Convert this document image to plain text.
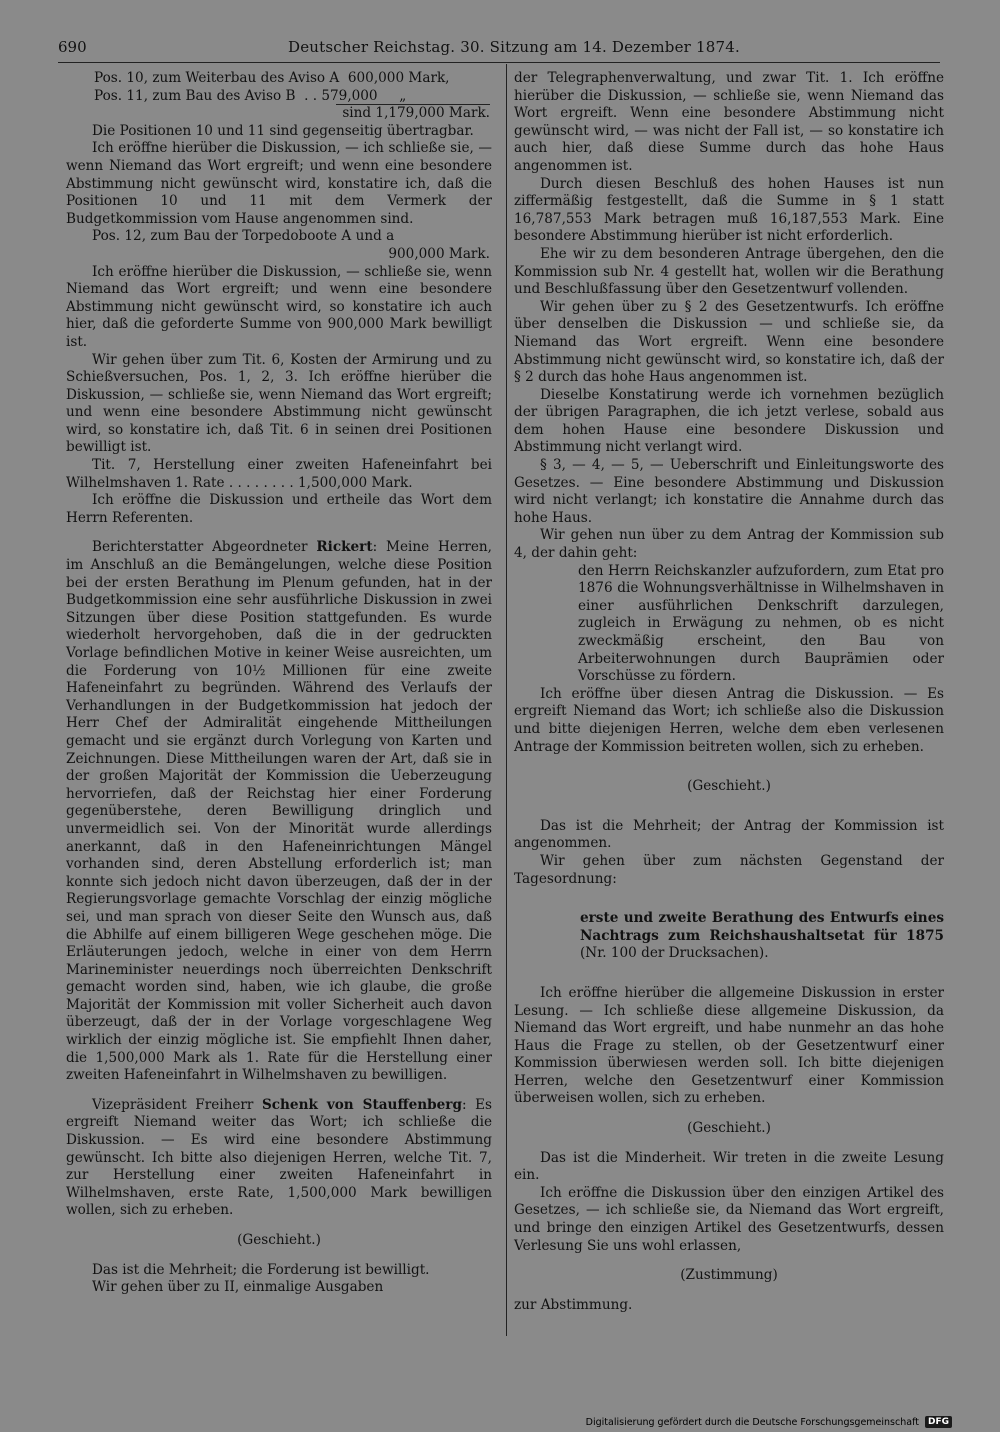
690	Deutscher Reichstag. 30. Sitzung am 14. Dezember 1874.

Pos. 10, zum Weiterbau des Aviso A  600,000 Mark,

Pos. 11, zum Bau des Aviso B  . . 579,000     „

sind 1,179,000 Mark.

Die Positionen 10 und 11 sind gegenseitig übertragbar.

Ich eröffne hierüber die Diskussion, — ich schließe sie, — wenn Niemand das Wort ergreift; und wenn eine besondere Abstimmung nicht gewünscht wird, konstatire ich, daß die Positionen 10 und 11 mit dem Vermerk der Budgetkommission vom Hause angenommen sind.

Pos. 12, zum Bau der Torpedoboote A und a

900,000 Mark.

Ich eröffne hierüber die Diskussion, — schließe sie, wenn Niemand das Wort ergreift; und wenn eine besondere Abstimmung nicht gewünscht wird, so konstatire ich auch hier, daß die geforderte Summe von 900,000 Mark bewilligt ist.

Wir gehen über zum Tit. 6, Kosten der Armirung und zu Schießversuchen, Pos. 1, 2, 3. Ich eröffne hierüber die Diskussion, — schließe sie, wenn Niemand das Wort ergreift; und wenn eine besondere Abstimmung nicht gewünscht wird, so konstatire ich, daß Tit. 6 in seinen drei Positionen bewilligt ist.

Tit. 7, Herstellung einer zweiten Hafeneinfahrt bei Wilhelmshaven 1. Rate . . . . . . . . 1,500,000 Mark.

Ich eröffne die Diskussion und ertheile das Wort dem Herrn Referenten.

Berichterstatter Abgeordneter Rickert: Meine Herren, im Anschluß an die Bemängelungen, welche diese Position bei der ersten Berathung im Plenum gefunden, hat in der Budgetkommission eine sehr ausführliche Diskussion in zwei Sitzungen über diese Position stattgefunden. Es wurde wiederholt hervorgehoben, daß die in der gedruckten Vorlage befindlichen Motive in keiner Weise ausreichten, um die Forderung von 10½ Millionen für eine zweite Hafeneinfahrt zu begründen. Während des Verlaufs der Verhandlungen in der Budgetkommission hat jedoch der Herr Chef der Admiralität eingehende Mittheilungen gemacht und sie ergänzt durch Vorlegung von Karten und Zeichnungen. Diese Mittheilungen waren der Art, daß sie in der großen Majorität der Kommission die Ueberzeugung hervorriefen, daß der Reichstag hier einer Forderung gegenüberstehe, deren Bewilligung dringlich und unvermeidlich sei. Von der Minorität wurde allerdings anerkannt, daß in den Hafeneinrichtungen Mängel vorhanden sind, deren Abstellung erforderlich ist; man konnte sich jedoch nicht davon überzeugen, daß der in der Regierungsvorlage gemachte Vorschlag der einzig mögliche sei, und man sprach von dieser Seite den Wunsch aus, daß die Abhilfe auf einem billigeren Wege geschehen möge. Die Erläuterungen jedoch, welche in einer von dem Herrn Marineminister neuerdings noch überreichten Denkschrift gemacht worden sind, haben, wie ich glaube, die große Majorität der Kommission mit voller Sicherheit auch davon überzeugt, daß der in der Vorlage vorgeschlagene Weg wirklich der einzig mögliche ist. Sie empfiehlt Ihnen daher, die 1,500,000 Mark als 1. Rate für die Herstellung einer zweiten Hafeneinfahrt in Wilhelmshaven zu bewilligen.

Vizepräsident Freiherr Schenk von Stauffenberg: Es ergreift Niemand weiter das Wort; ich schließe die Diskussion. — Es wird eine besondere Abstimmung gewünscht. Ich bitte also diejenigen Herren, welche Tit. 7, zur Herstellung einer zweiten Hafeneinfahrt in Wilhelmshaven, erste Rate, 1,500,000 Mark bewilligen wollen, sich zu erheben.

(Geschieht.)

Das ist die Mehrheit; die Forderung ist bewilligt.

Wir gehen über zu II, einmalige Ausgaben

der Telegraphenverwaltung, und zwar Tit. 1. Ich eröffne hierüber die Diskussion, — schließe sie, wenn Niemand das Wort ergreift. Wenn eine besondere Abstimmung nicht gewünscht wird, — was nicht der Fall ist, — so konstatire ich auch hier, daß diese Summe durch das hohe Haus angenommen ist.

Durch diesen Beschluß des hohen Hauses ist nun ziffermäßig festgestellt, daß die Summe in § 1 statt 16,787,553 Mark betragen muß 16,187,553 Mark. Eine besondere Abstimmung hierüber ist nicht erforderlich.

Ehe wir zu dem besonderen Antrage übergehen, den die Kommission sub Nr. 4 gestellt hat, wollen wir die Berathung und Beschlußfassung über den Gesetzentwurf vollenden.

Wir gehen über zu § 2 des Gesetzentwurfs. Ich eröffne über denselben die Diskussion — und schließe sie, da Niemand das Wort ergreift. Wenn eine besondere Abstimmung nicht gewünscht wird, so konstatire ich, daß der § 2 durch das hohe Haus angenommen ist.

Dieselbe Konstatirung werde ich vornehmen bezüglich der übrigen Paragraphen, die ich jetzt verlese, sobald aus dem hohen Hause eine besondere Diskussion und Abstimmung nicht verlangt wird.

§ 3, — 4, — 5, — Ueberschrift und Einleitungsworte des Gesetzes. — Eine besondere Abstimmung und Diskussion wird nicht verlangt; ich konstatire die Annahme durch das hohe Haus.

Wir gehen nun über zu dem Antrag der Kommission sub 4, der dahin geht:

den Herrn Reichskanzler aufzufordern, zum Etat pro 1876 die Wohnungsverhältnisse in Wilhelmshaven in einer ausführlichen Denkschrift darzulegen, zugleich in Erwägung zu nehmen, ob es nicht zweckmäßig erscheint, den Bau von Arbeiterwohnungen durch Bauprämien oder Vorschüsse zu fördern.

Ich eröffne über diesen Antrag die Diskussion. — Es ergreift Niemand das Wort; ich schließe also die Diskussion und bitte diejenigen Herren, welche dem eben verlesenen Antrage der Kommission beitreten wollen, sich zu erheben.

(Geschieht.)

Das ist die Mehrheit; der Antrag der Kommission ist angenommen.

Wir gehen über zum nächsten Gegenstand der Tagesordnung:

erste und zweite Berathung des Entwurfs eines Nachtrags zum Reichshaushaltsetat für 1875 (Nr. 100 der Drucksachen).

Ich eröffne hierüber die allgemeine Diskussion in erster Lesung. — Ich schließe diese allgemeine Diskussion, da Niemand das Wort ergreift, und habe nunmehr an das hohe Haus die Frage zu stellen, ob der Gesetzentwurf einer Kommission überwiesen werden soll. Ich bitte diejenigen Herren, welche den Gesetzentwurf einer Kommission überweisen wollen, sich zu erheben.

(Geschieht.)

Das ist die Minderheit. Wir treten in die zweite Lesung ein.

Ich eröffne die Diskussion über den einzigen Artikel des Gesetzes, — ich schließe sie, da Niemand das Wort ergreift, und bringe den einzigen Artikel des Gesetzentwurfs, dessen Verlesung Sie uns wohl erlassen,

(Zustimmung)

zur Abstimmung.

Digitalisierung gefördert durch die Deutsche Forschungsgemeinschaft	DFG
